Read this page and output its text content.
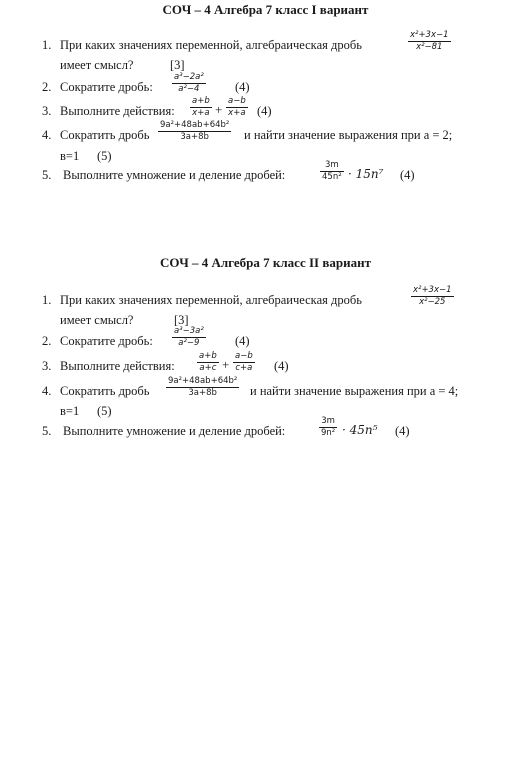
СОЧ – 4 Алгебра 7 класс I вариант
1. При каких значениях переменной, алгебраическая дробь
x²+3x−1
x²−81
имеет смысл?	[3]
2. Сократите дробь:
a³−2a²
a²−4	(4)
3. Выполните действия:
a+b
x+a +
a−b
x+a (4)
4. Сократить дробь
9a²+48ab+64b²
3a+8b	и найти значение выражения при a = 2;
в=1 (5)
5. Выполните умножение и деление дробей:
3m
45n² · 15n⁷ (4)
СОЧ – 4 Алгебра 7 класс II вариант
1. При каких значениях переменной, алгебраическая дробь
x²+3x−1
x²−25
имеет смысл?	[3]
2. Сократите дробь:
a³−3a²
a²−9	(4)
3. Выполните действия:
a+b
a+c +
a−b
c+a (4)
4. Сократить дробь
9a²+48ab+64b²
3a+8b	и найти значение выражения при a = 4;
в=1 (5)
5. Выполните умножение и деление дробей:
3m
9n² · 45n⁵ (4)
